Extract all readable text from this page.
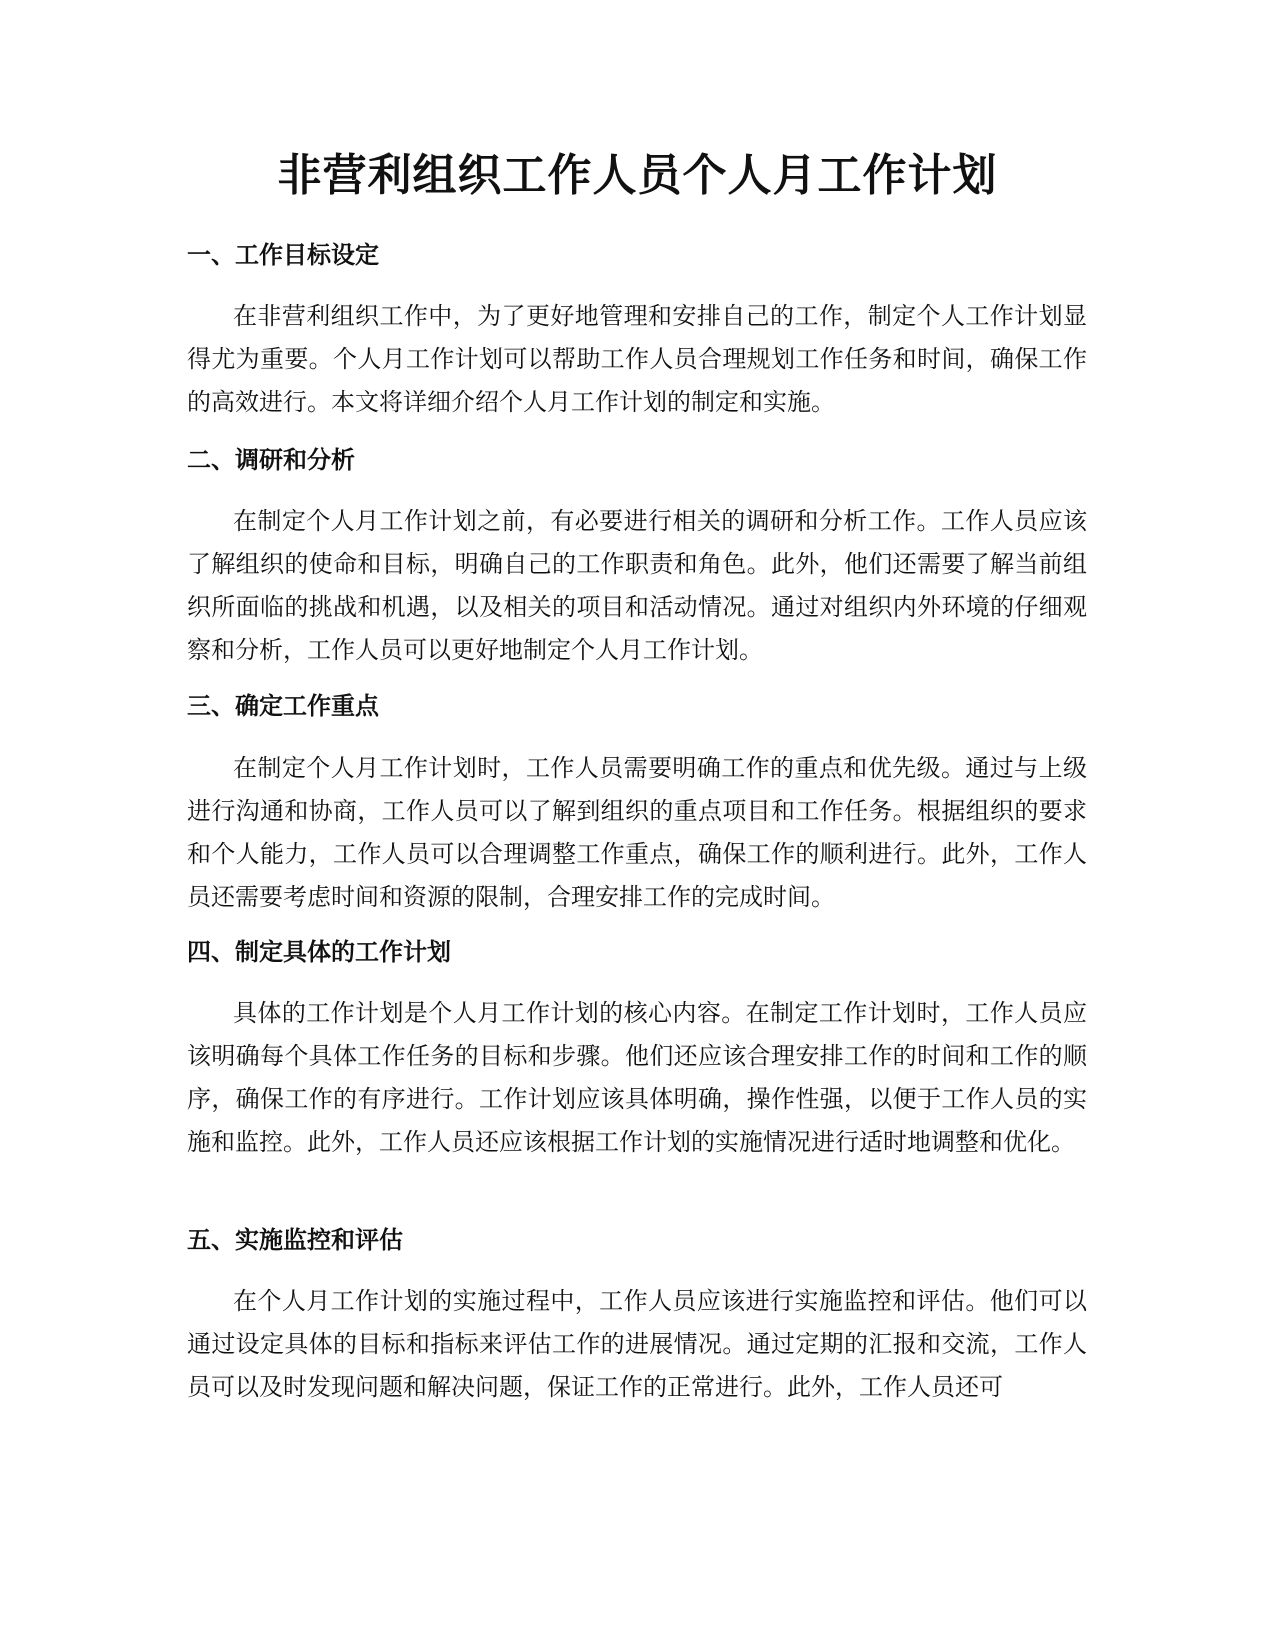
非营利组织工作人员个人月工作计划
一、工作目标设定

在非营利组织工作中，为了更好地管理和安排自己的工作，制定个人工作计划显得尤为重要。个人月工作计划可以帮助工作人员合理规划工作任务和时间，确保工作的高效进行。本文将详细介绍个人月工作计划的制定和实施。

二、调研和分析

在制定个人月工作计划之前，有必要进行相关的调研和分析工作。工作人员应该了解组织的使命和目标，明确自己的工作职责和角色。此外，他们还需要了解当前组织所面临的挑战和机遇，以及相关的项目和活动情况。通过对组织内外环境的仔细观察和分析，工作人员可以更好地制定个人月工作计划。

三、确定工作重点

在制定个人月工作计划时，工作人员需要明确工作的重点和优先级。通过与上级进行沟通和协商，工作人员可以了解到组织的重点项目和工作任务。根据组织的要求和个人能力，工作人员可以合理调整工作重点，确保工作的顺利进行。此外，工作人员还需要考虑时间和资源的限制，合理安排工作的完成时间。

四、制定具体的工作计划

具体的工作计划是个人月工作计划的核心内容。在制定工作计划时，工作人员应该明确每个具体工作任务的目标和步骤。他们还应该合理安排工作的时间和工作的顺序，确保工作的有序进行。工作计划应该具体明确，操作性强，以便于工作人员的实施和监控。此外，工作人员还应该根据工作计划的实施情况进行适时地调整和优化。

五、实施监控和评估

在个人月工作计划的实施过程中，工作人员应该进行实施监控和评估。他们可以通过设定具体的目标和指标来评估工作的进展情况。通过定期的汇报和交流，工作人员可以及时发现问题和解决问题，保证工作的正常进行。此外，工作人员还可
